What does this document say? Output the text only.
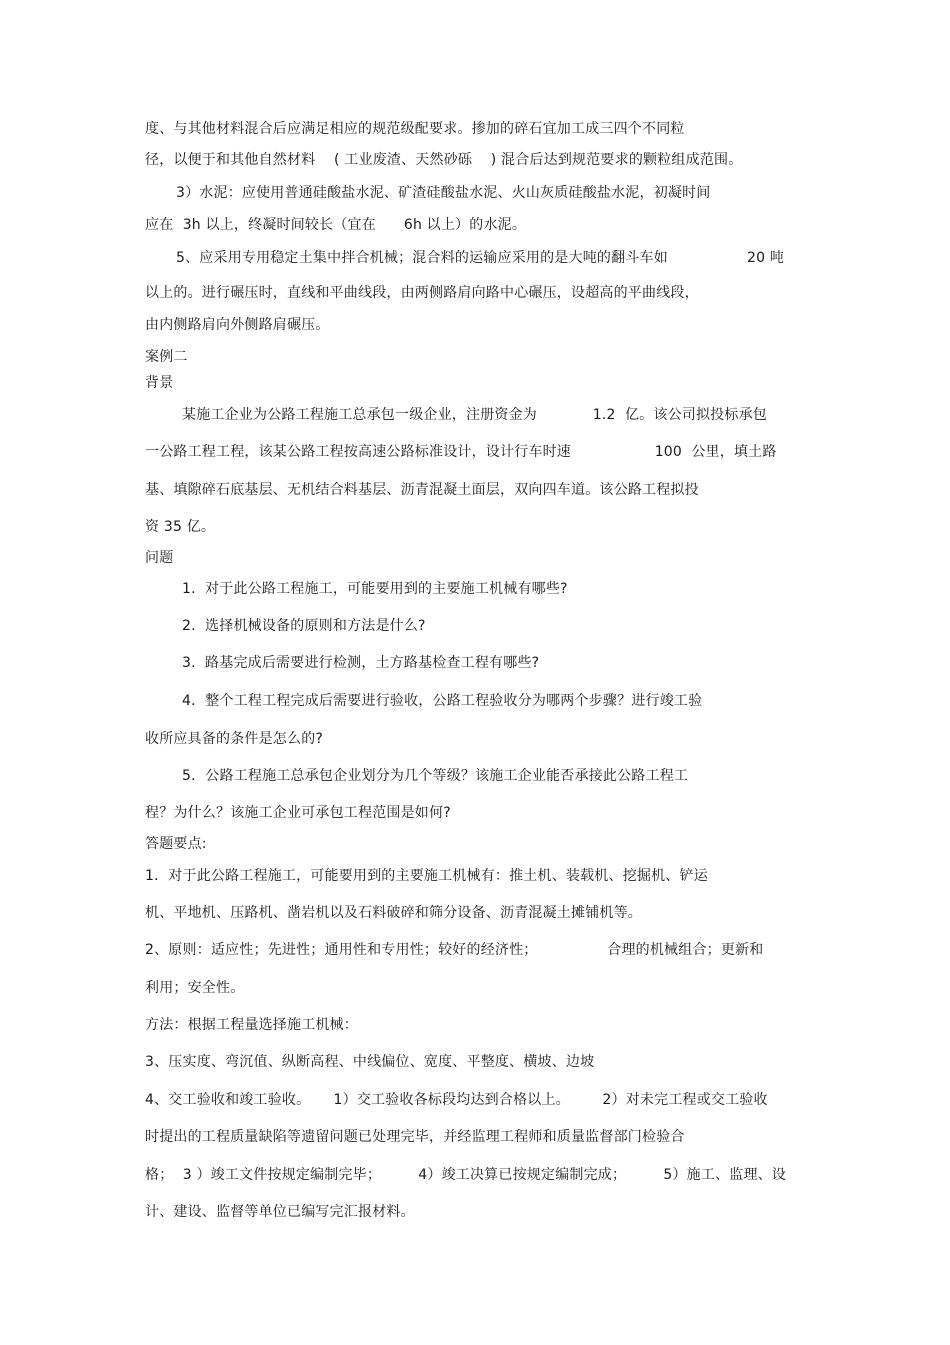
度、与其他材料混合后应满足相应的规范级配要求。掺加的碎石宜加工成三四个不同粒
径，以便于和其他自然材料    ( 工业废渣、天然砂砾    ) 混合后达到规范要求的颗粒组成范围。
3）水泥：应使用普通硅酸盐水泥、矿渣硅酸盐水泥、火山灰质硅酸盐水泥，初凝时间
应在  3h 以上，终凝时间较长（宜在      6h 以上）的水泥。
5、应采用专用稳定土集中拌合机械；混合料的运输应采用的是大吨的翻斗车如                 20 吨
以上的。进行碾压时，直线和平曲线段，由两侧路肩向路中心碾压，设超高的平曲线段，
由内侧路肩向外侧路肩碾压。
案例二
背景
某施工企业为公路工程施工总承包一级企业，注册资金为            1.2  亿。该公司拟投标承包
一公路工程工程，该某公路工程按高速公路标准设计，设计行车时速                  100  公里，填土路
基、填隙碎石底基层、无机结合料基层、沥青混凝土面层，双向四车道。该公路工程拟投
资 35 亿。
问题
1.  对于此公路工程施工，可能要用到的主要施工机械有哪些?
2.  选择机械设备的原则和方法是什么?
3.  路基完成后需要进行检测，土方路基检查工程有哪些?
4．整个工程工程完成后需要进行验收，公路工程验收分为哪两个步骤？进行竣工验
收所应具备的条件是怎么的?
5．公路工程施工总承包企业划分为几个等级？该施工企业能否承接此公路工程工
程？为什么？该施工企业可承包工程范围是如何?
答题要点:
1．对于此公路工程施工，可能要用到的主要施工机械有：推土机、装载机、挖掘机、铲运
机、平地机、压路机、凿岩机以及石料破碎和筛分设备、沥青混凝土摊铺机等。
2、原则：适应性；先进性；通用性和专用性；较好的经济性；               合理的机械组合；更新和
利用；安全性。
方法：根据工程量选择施工机械：
3、压实度、弯沉值、纵断高程、中线偏位、宽度、平整度、横坡、边坡
4、交工验收和竣工验收。     1）交工验收各标段均达到合格以上。       2）对未完工程或交工验收
时提出的工程质量缺陷等遗留问题已处理完毕，并经监理工程师和质量监督部门检验合
格；  3 ）竣工文件按规定编制完毕；        4）竣工决算已按规定编制完成；        5）施工、监理、设
计、建设、监督等单位已编写完汇报材料。
